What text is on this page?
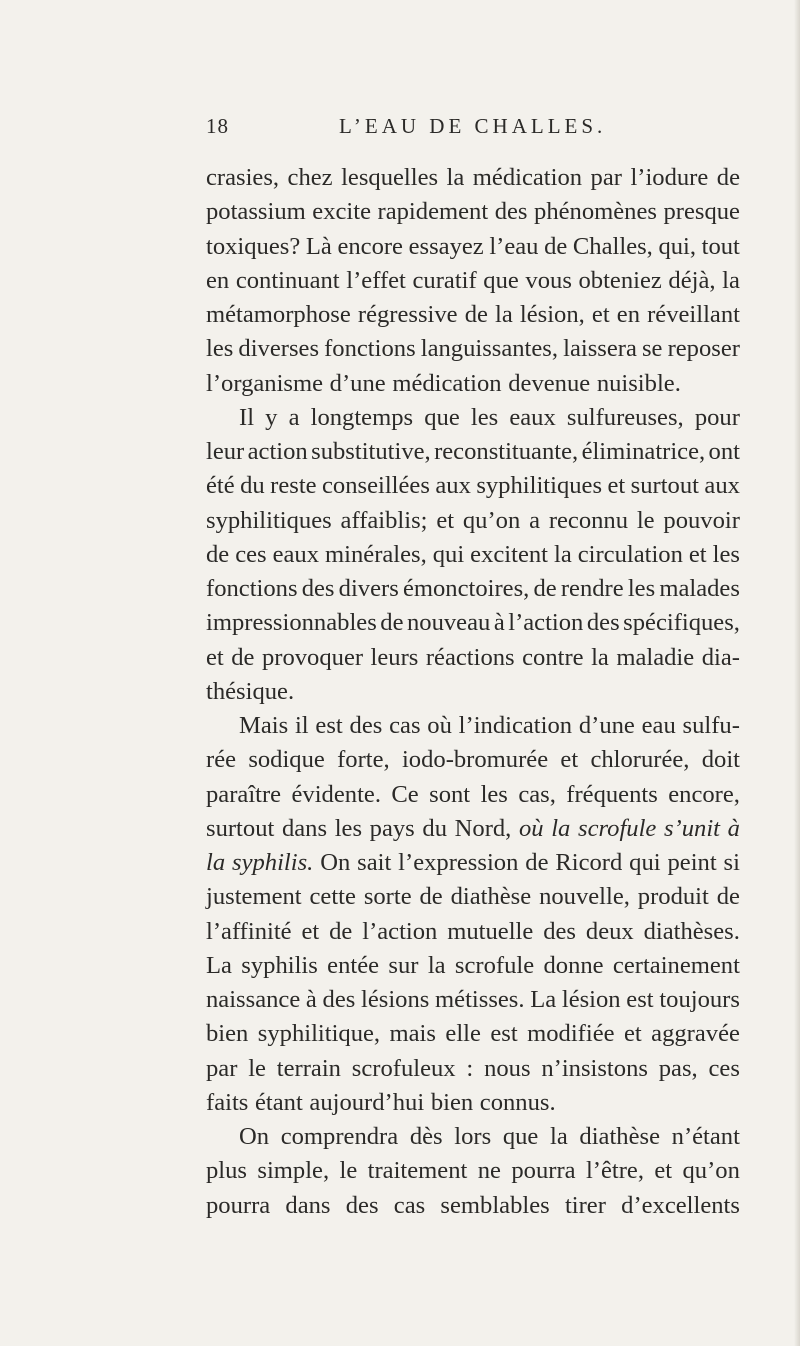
18	L’EAU DE CHALLES.
crasies, chez lesquelles la médication par l’iodure de
potassium excite rapidement des phénomènes presque
toxiques? Là encore essayez l’eau de Challes, qui, tout
en continuant l’effet curatif que vous obteniez déjà, la
métamorphose régressive de la lésion, et en réveillant
les diverses fonctions languissantes, laissera se reposer
l’organisme d’une médication devenue nuisible.
Il y a longtemps que les eaux sulfureuses, pour
leur action substitutive, reconstituante, éliminatrice, ont
été du reste conseillées aux syphilitiques et surtout aux
syphilitiques affaiblis; et qu’on a reconnu le pouvoir
de ces eaux minérales, qui excitent la circulation et les
fonctions des divers émonctoires, de rendre les malades
impressionnables de nouveau à l’action des spécifiques,
et de provoquer leurs réactions contre la maladie dia-
thésique.
Mais il est des cas où l’indication d’une eau sulfu-
rée sodique forte, iodo-bromurée et chlorurée, doit
paraître évidente. Ce sont les cas, fréquents encore,
surtout dans les pays du Nord, où la scrofule s’unit à
la syphilis. On sait l’expression de Ricord qui peint si
justement cette sorte de diathèse nouvelle, produit de
l’affinité et de l’action mutuelle des deux diathèses.
La syphilis entée sur la scrofule donne certainement
naissance à des lésions métisses. La lésion est toujours
bien syphilitique, mais elle est modifiée et aggravée
par le terrain scrofuleux : nous n’insistons pas, ces
faits étant aujourd’hui bien connus.
On comprendra dès lors que la diathèse n’étant
plus simple, le traitement ne pourra l’être, et qu’on
pourra dans des cas semblables tirer d’excellents
